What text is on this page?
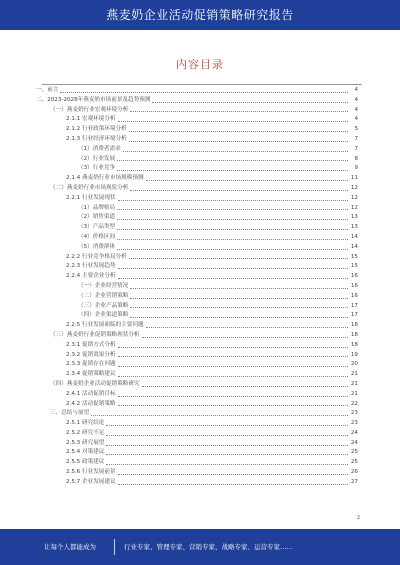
燕麦奶企业活动促销策略研究报告
内容目录
一、前言	4
二、2023-2028年燕麦奶市场前景及趋势预测	4
（一）燕麦奶行业宏观环境分析	4
2.1.1 宏观环境分析	4
2.1.2 行业政策环境分析	5
2.1.3 行业经济环境分析	7
（1）消费者需求	7
（2）行业发展	8
（3）行业竞争	9
2.1.4 燕麦奶行业市场规模预测	11
（二）燕麦奶行业市场现状分析	12
2.2.1 行业发展现状	12
（1）品牌格局	12
（2）销售渠道	13
（3）产品类型	13
（4）价格区间	14
（5）消费群体	14
2.2.2 行业竞争格局分析	15
2.2.3 行业发展趋势	15
2.2.4 主要企业分析	16
（一）企业经营情况	16
（二）企业营销策略	16
（三）企业产品策略	17
（四）企业渠道策略	17
2.2.5 行业发展面临的主要问题	18
（三）燕麦奶行业促销策略现状分析	18
2.3.1 促销方式分析	18
2.3.2 促销效果分析	19
2.3.3 促销存在问题	20
2.3.4 促销策略建议	21
（四）燕麦奶企业活动促销策略研究	21
2.4.1 活动促销目标	21
2.4.2 活动促销策略	22
三、总结与展望	23
2.5.1 研究结论	23
2.5.2 研究不足	24
2.5.3 研究展望	24
2.5.4 对策建议	25
2.5.5 政策建议	25
2.5.6 行业发展前景	26
2.5.7 企业发展建议	27
2
让每个人都能成为	行业专家、管理专家、营销专家、战略专家、运营专家……
